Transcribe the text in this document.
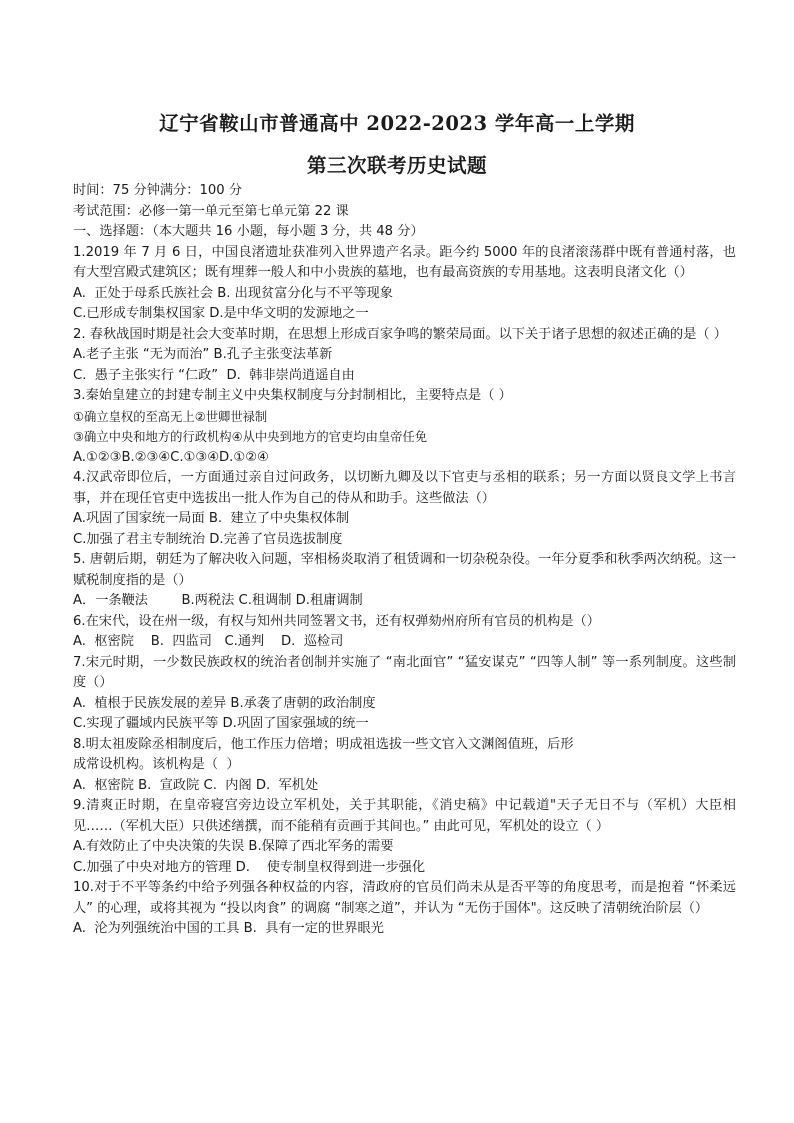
辽宁省鞍山市普通高中 2022-2023 学年高一上学期
第三次联考历史试题

时间：75 分钟满分：100 分

考试范围：必修一第一单元至第七单元第 22 课

一、选择题：（本大题共 16 小题，每小题 3 分，共 48 分）

1.2019 年 7 月 6 日，中国良渚遗址获准列入世界遗产名录。距今约 5000 年的良渚滚荡群中既有普通村落，也有大型宫殿式建筑区；既有埋葬一般人和中小贵族的墓地，也有最高资族的专用基地。这表明良渚文化（）

A.  正处于母系氏族社会 B. 出现贫富分化与不平等现象

C.已形成专制集权国家 D.是中华文明的发源地之一

2. 春秋战国时期是社会大变革时期，在思想上形成百家争鸣的繁荣局面。以下关于诸子思想的叙述正确的是（ ）

A.老子主张 “无为而治” B.孔子主张变法革新

C.  愚子主张实行 “仁政”  D.  韩非崇尚逍遥自由

3.秦始皇建立的封建专制主义中央集权制度与分封制相比，主要特点是（ ）

①确立皇权的至高无上②世卿世禄制

③确立中央和地方的行政机构④从中央到地方的官吏均由皇帝任免

A.①②③B.②③④C.①③④D.①②④

4.汉武帝即位后，一方面通过亲自过问政务，以切断九卿及以下官吏与丞相的联系；另一方面以贤良文学上书言事，并在现任官吏中选拔出一批人作为自己的侍从和助手。这些做法（）

A.巩固了国家统一局面 B.  建立了中央集权体制

C.加强了君主专制统治 D.完善了官员选拔制度

5. 唐朝后期，朝廷为了解决收入问题，宰相杨炎取消了租赁调和一切杂税杂役。一年分夏季和秋季两次纳税。这一赋税制度指的是（）

A．一条鞭法        B.两税法 C.租调制 D.租庸调制

6.在宋代，设在州一级，有权与知州共同签署文书，还有权弹劾州府所有官员的机构是（）

A.  枢密院    B.  四监司   C.通判    D.  巡检司

7.宋元时期，一少数民族政权的统治者创制并实施了 “南北面官” “猛安谋克” “四等人制” 等一系列制度。这些制度（）

A.  植根于民族发展的差异 B.承袭了唐朝的政治制度

C.实现了疆域内民族平等 D.巩固了国家强域的统一

8.明太祖废除丞相制度后，他工作压力倍增；明成祖选拔一些文官入文渊阁值班，后形

成常设机构。该机构是（  ）

A.  枢密院 B.  宣政院 C.  内阁 D.  军机处

9.清爽正时期，在皇帝寝宫旁边设立军机处，关于其职能，《消史稿》中记载道"天子无日不与（军机）大臣相见……（军机大臣）只供述缮撰，而不能稍有贡画于其间也。” 由此可见，军机处的设立（ ）

A.有效防止了中央决策的失误 B.保障了西北军务的需要

C.加强了中央对地方的管理 D.    使专制皇权得到进一步强化

10.对于不平等条约中给予列强各种权益的内容，清政府的官员们尚未从是否平等的角度思考，而是抱着 “怀柔远人” 的心理，或将其视为 “投以肉食” 的调腐 “制寒之道”，并认为 “无伤于国体"。这反映了清朝统治阶层（）

A.  沦为列强统治中国的工具 B.  具有一定的世界眼光
